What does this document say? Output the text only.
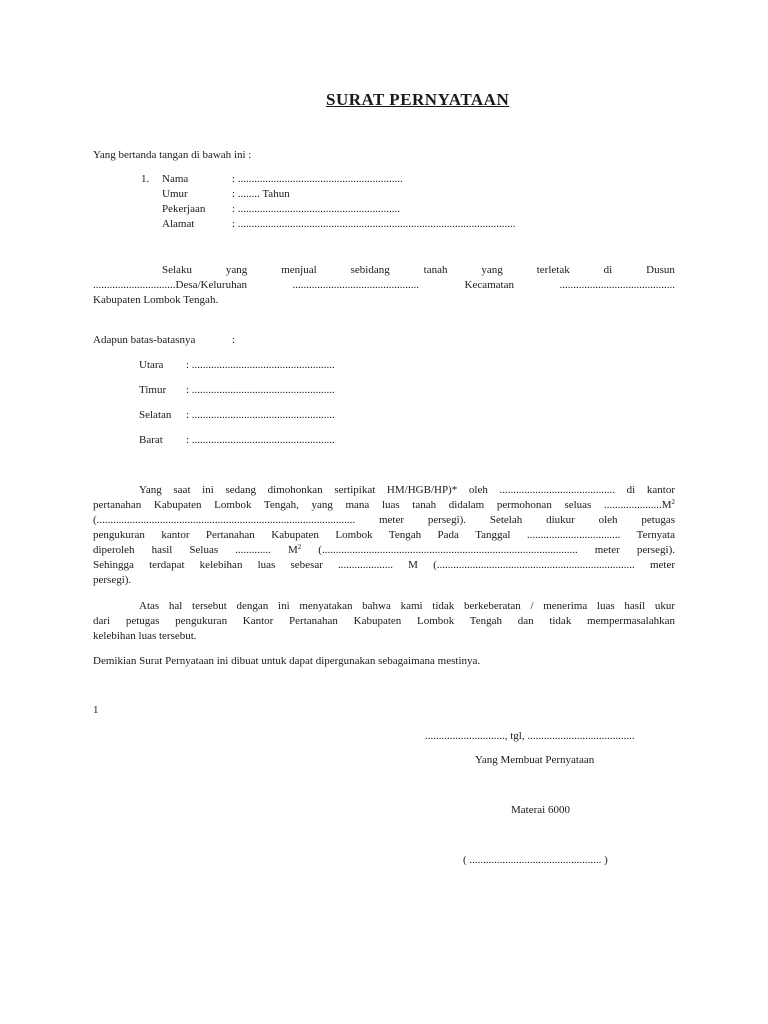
SURAT PERNYATAAN
Yang bertanda tangan di bawah ini :
1. Nama	: ............................................................
Umur	: ........ Tahun
Pekerjaan : ...........................................................
Alamat	: .....................................................................................................
Selaku	yang	menjual	sebidang	tanah	yang	terletak	di	Dusun
..............................Desa/Keluruhan	..............................................	Kecamatan	..........................................
Kabupaten Lombok Tengah.
Adapun batas-batasnya	:
Utara : ....................................................
Timur : ....................................................
Selatan : ....................................................
Barat : ....................................................
Yang saat ini sedang dimohonkan sertipikat HM/HGB/HP)* oleh .......................................... di kantor
pertanahan Kabupaten Lombok Tengah, yang mana luas tanah didalam permohonan seluas $.....................M^2$
(.............................................................................................. meter persegi). Setelah diukur oleh petugas
pengukuran kantor Pertanahan Kabupaten Lombok Tengah Pada Tanggal .................................. Ternyata
diperoleh hasil Seluas ............. $M^2$ (............................................................................................. meter persegi).
Sehingga terdapat kelebihan luas sebesar .................... M (........................................................................ meter
persegi).
Atas hal tersebut dengan ini menyatakan bahwa kami tidak berkeberatan / menerima luas hasil ukur
dari petugas pengukuran Kantor Pertanahan Kabupaten Lombok Tengah dan tidak mempermasalahkan
kelebihan luas tersebut.
Demikian Surat Pernyataan ini dibuat untuk dapat dipergunakan sebagaimana mestinya.
1
............................., tgl, .......................................
Yang Membuat Pernyataan
Materai 6000
( ................................................ )
